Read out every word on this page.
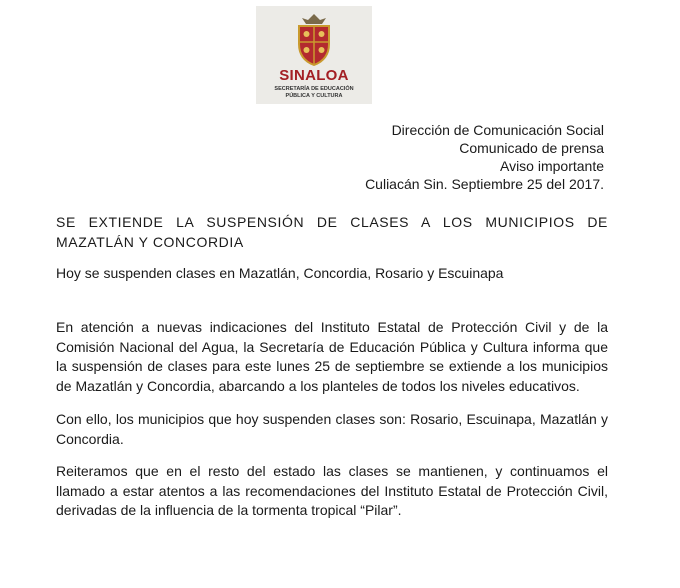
SINALOA
SECRETARÍA DE EDUCACIÓN
PÚBLICA Y CULTURA
Dirección de Comunicación Social
Comunicado de prensa
Aviso importante
Culiacán Sin. Septiembre 25 del 2017.
SE EXTIENDE LA SUSPENSIÓN DE CLASES A LOS MUNICIPIOS DE MAZATLÁN Y CONCORDIA
Hoy se suspenden clases en Mazatlán, Concordia, Rosario y Escuinapa
En atención a nuevas indicaciones del Instituto Estatal de Protección Civil y de la Comisión Nacional del Agua, la Secretaría de Educación Pública y Cultura informa que la suspensión de clases para este lunes 25 de septiembre se extiende a los municipios de Mazatlán y Concordia, abarcando a los planteles de todos los niveles educativos.
Con ello, los municipios que hoy suspenden clases son: Rosario, Escuinapa, Mazatlán y Concordia.
Reiteramos que en el resto del estado las clases se mantienen, y continuamos el llamado a estar atentos a las recomendaciones del Instituto Estatal de Protección Civil, derivadas de la influencia de la tormenta tropical “Pilar”.
